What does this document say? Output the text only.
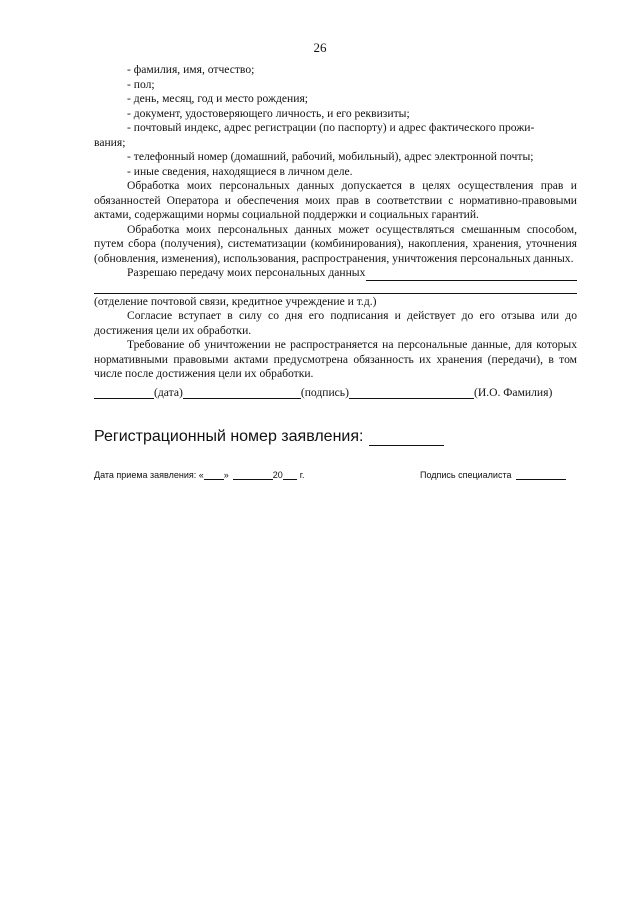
26

- фамилия, имя, отчество;

- пол;

- день, месяц, год и место рождения;

- документ, удостоверяющего личность, и его реквизиты;

- почтовый индекс, адрес регистрации (по паспорту) и адрес фактического прожи-

вания;

- телефонный номер (домашний, рабочий, мобильный), адрес электронной почты;

- иные сведения, находящиеся в личном деле.

Обработка моих персональных данных допускается в целях осуществления прав и обязанностей Оператора и обеспечения моих прав в соответствии с нормативно-правовыми актами, содержащими нормы социальной поддержки и социальных гарантий.

Обработка моих персональных данных может осуществляться смешанным способом, путем сбора (получения), систематизации (комбинирования), накопления, хранения, уточнения (обновления, изменения), использования, распространения, уничтожения персональных данных.

Разрешаю передачу моих персональных данных

(отделение почтовой связи, кредитное учреждение и т.д.)

Согласие вступает в силу со дня его подписания и действует до его отзыва или до достижения цели их обработки.

Требование об уничтожении не распространяется на персональные данные, для которых нормативными правовыми актами предусмотрена обязанность их хранения (передачи), в том числе после достижения цели их обработки.

(дата)	(подпись)	(И.О. Фамилия)
Регистрационный номер заявления:
Дата приема заявления: « »	20 г.	Подпись специалиста
